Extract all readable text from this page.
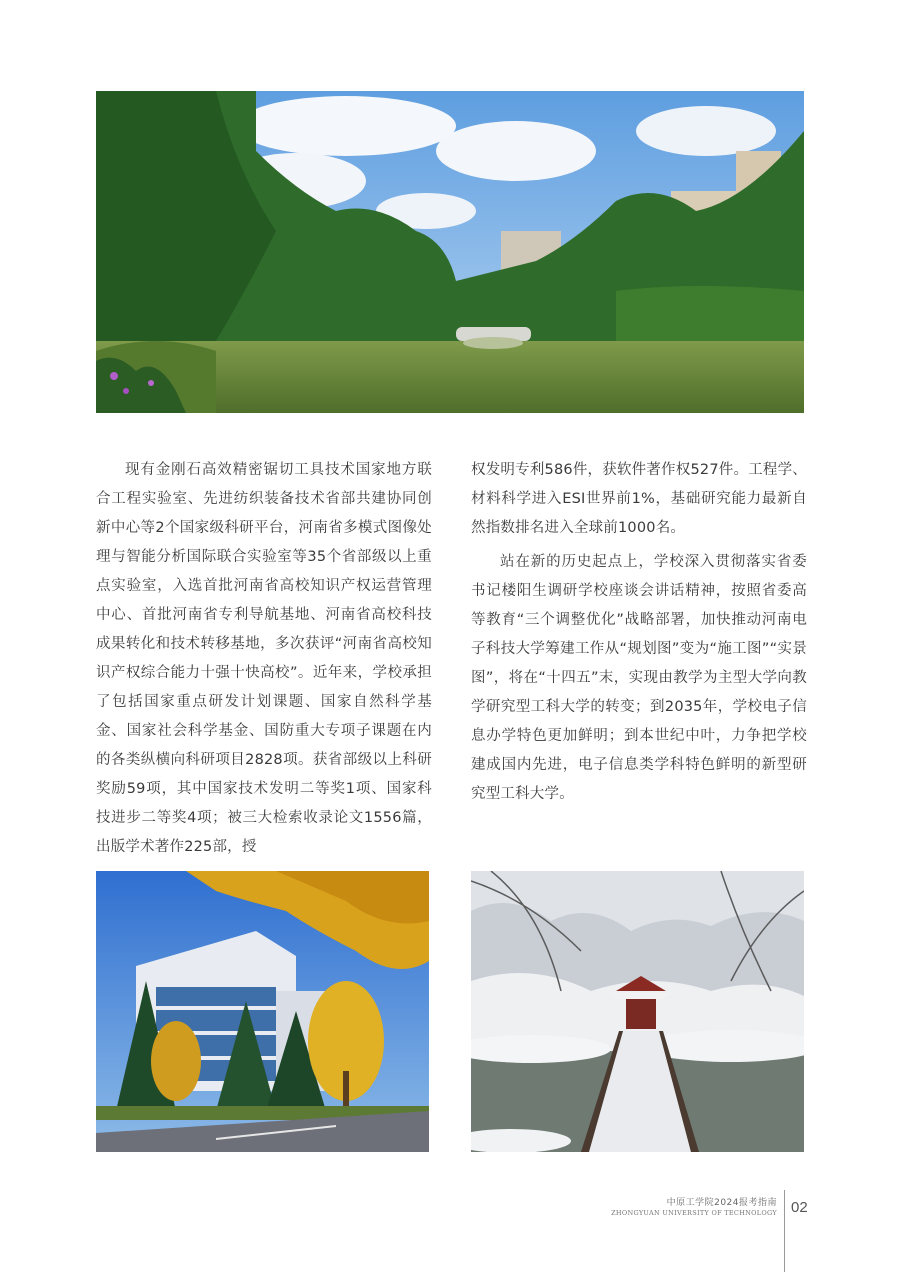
现有金刚石高效精密锯切工具技术国家地方联合工程实验室、先进纺织装备技术省部共建协同创新中心等2个国家级科研平台，河南省多模式图像处理与智能分析国际联合实验室等35个省部级以上重点实验室，入选首批河南省高校知识产权运营管理中心、首批河南省专利导航基地、河南省高校科技成果转化和技术转移基地，多次获评“河南省高校知识产权综合能力十强十快高校”。近年来，学校承担了包括国家重点研发计划课题、国家自然科学基金、国家社会科学基金、国防重大专项子课题在内的各类纵横向科研项目2828项。获省部级以上科研奖励59项，其中国家技术发明二等奖1项、国家科技进步二等奖4项；被三大检索收录论文1556篇，出版学术著作225部，授

权发明专利586件，获软件著作权527件。工程学、材料科学进入ESI世界前1%，基础研究能力最新自然指数排名进入全球前1000名。

站在新的历史起点上，学校深入贯彻落实省委书记楼阳生调研学校座谈会讲话精神，按照省委高等教育“三个调整优化”战略部署，加快推动河南电子科技大学筹建工作从“规划图”变为“施工图”“实景图”，将在“十四五”末，实现由教学为主型大学向教学研究型工科大学的转变；到2035年，学校电子信息办学特色更加鲜明；到本世纪中叶，力争把学校建成国内先进，电子信息类学科特色鲜明的新型研究型工科大学。

中原工学院2024报考指南
ZHONGYUAN UNIVERSITY OF TECHNOLOGY 02
